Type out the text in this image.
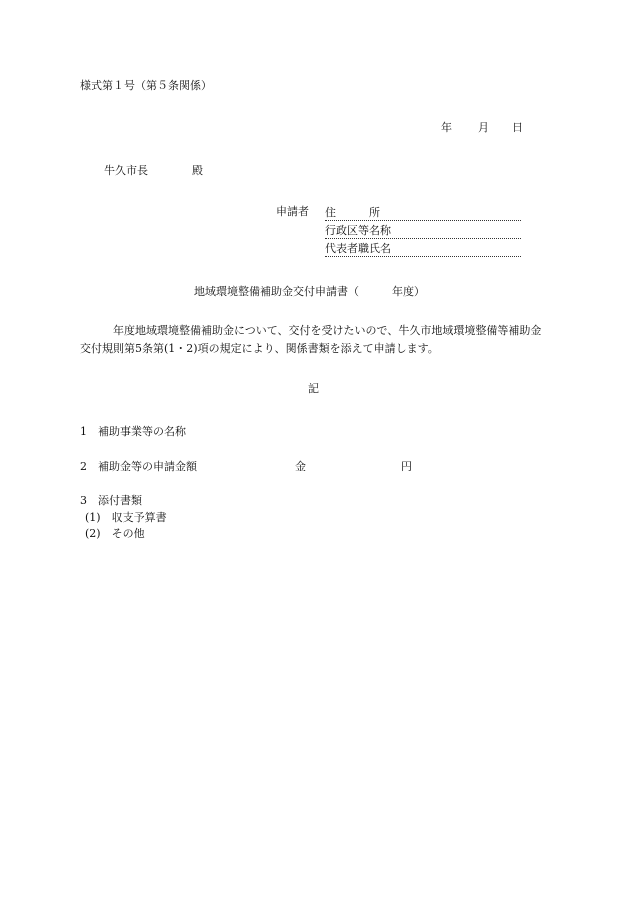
様式第１号（第５条関係）
年 月 日
牛久市長	殿
申請者 住　　　所
行政区等名称
代表者職氏名
地域環境整備補助金交付申請書（　　　年度）
年度地域環境整備補助金について、交付を受けたいので、牛久市地域環境整備等補助金交付規則第5条第(1・2)項の規定により、関係書類を添えて申請します。
記
1　補助事業等の名称
2　補助金等の申請金額	金	円
3　添付書類
(1)　収支予算書
(2)　その他
